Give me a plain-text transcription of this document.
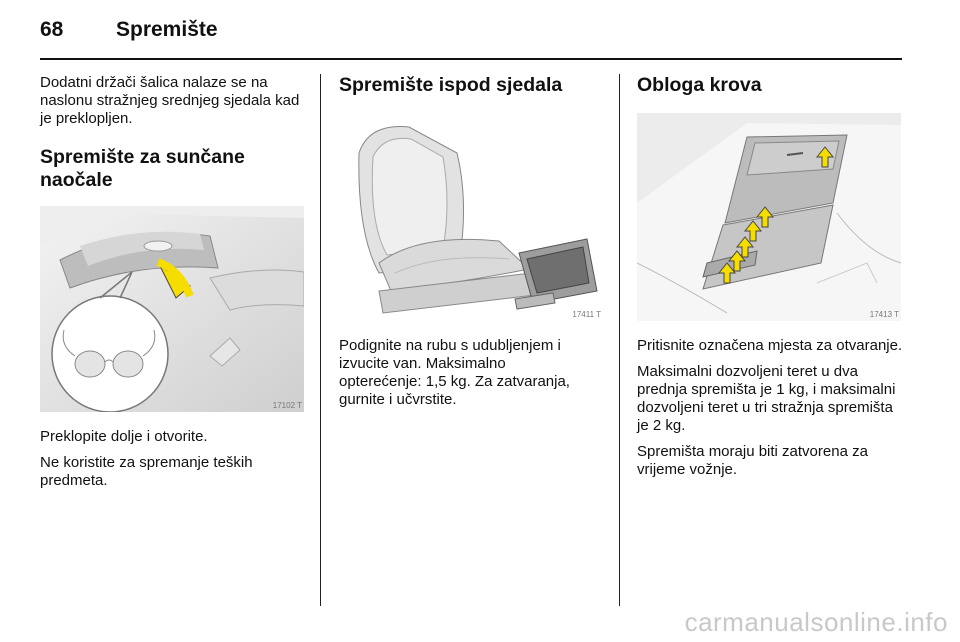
68	Spremište

Dodatni držači šalica nalaze se na naslonu stražnjeg srednjeg sjedala kad je preklopljen.

Spremište za sunčane naočale
17102 T

Preklopite dolje i otvorite.

Ne koristite za spremanje teških predmeta.

Spremište ispod sjedala
17411 T

Podignite na rubu s udubljenjem i izvucite van. Maksimalno opterećenje: 1,5 kg. Za zatvaranja, gurnite i učvrstite.

Obloga krova
17413 T

Pritisnite označena mjesta za otvaranje.

Maksimalni dozvoljeni teret u dva prednja spremišta je 1 kg, i maksimalni dozvoljeni teret u tri stražnja spremišta je 2 kg.

Spremišta moraju biti zatvorena za vrijeme vožnje.

carmanualsonline.info
